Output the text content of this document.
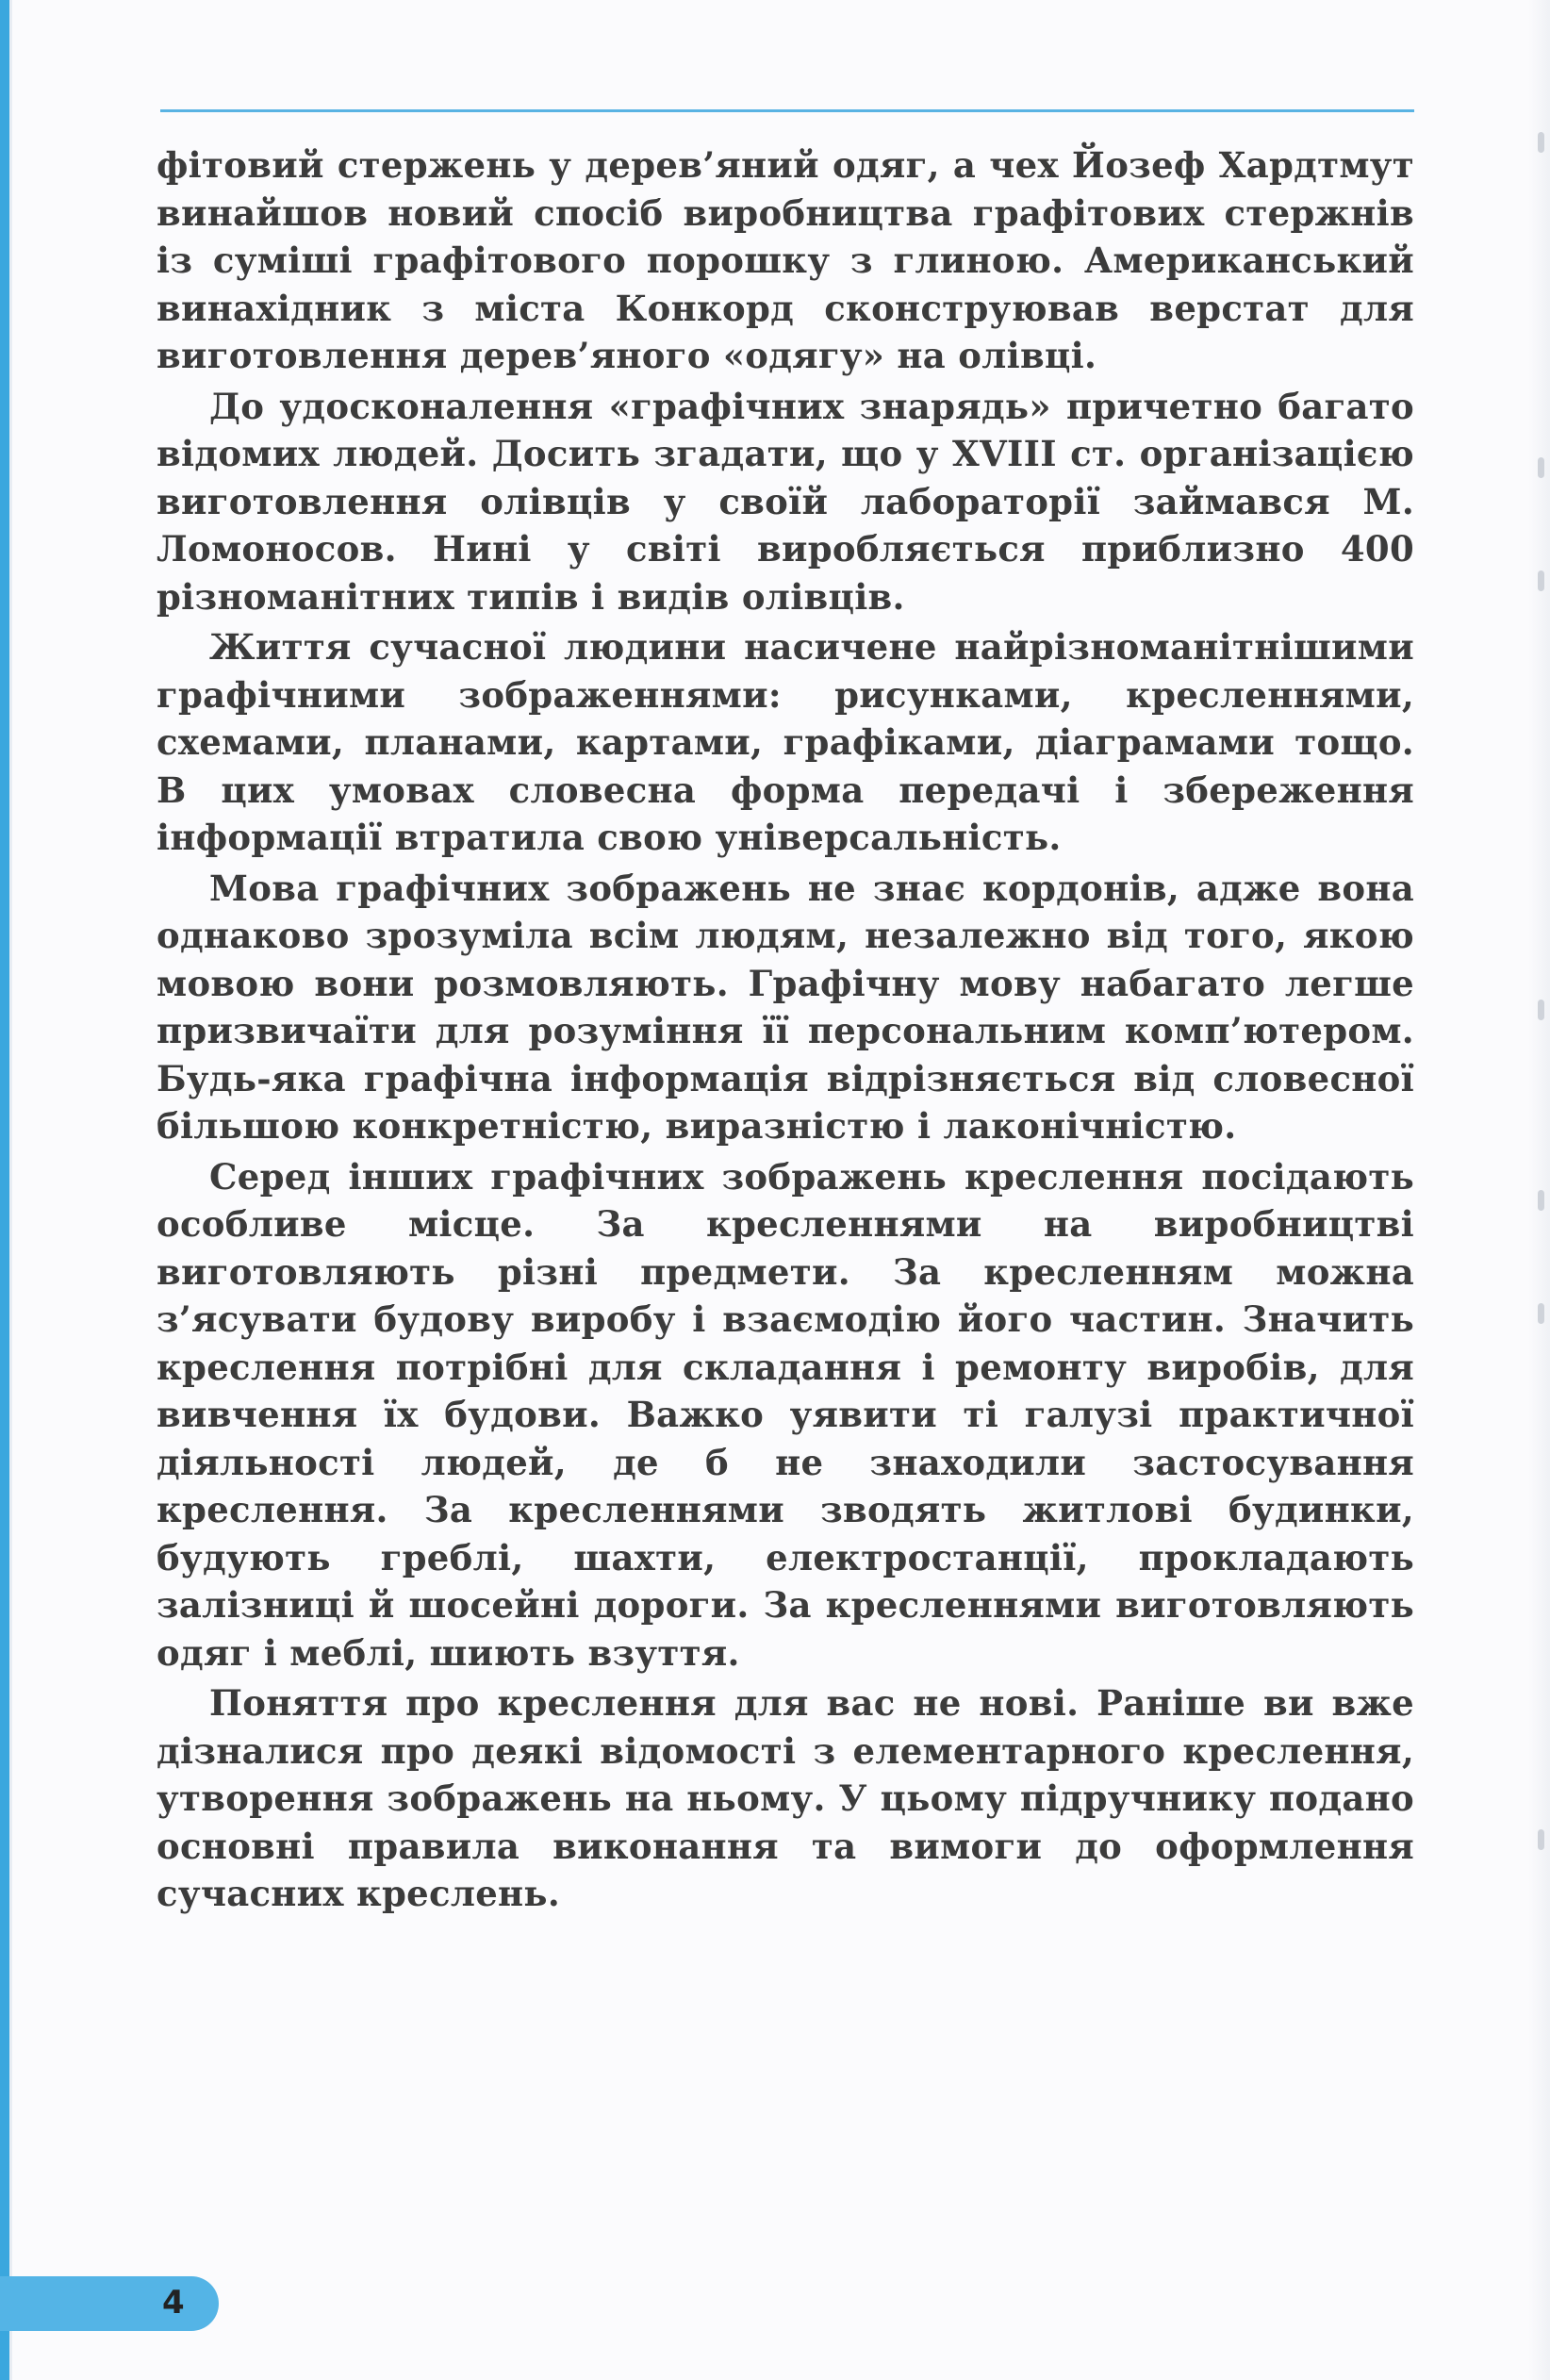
фітовий стержень у дерев’яний одяг, а чех Йозеф Хардтмут винайшов новий спосіб виробництва графітових стержнів із суміші графітового порошку з глиною. Американський винахідник з міста Конкорд сконструював верстат для виготовлення дерев’яного «одягу» на олівці.

До удосконалення «графічних знарядь» причетно багато відомих людей. Досить згадати, що у XVIII ст. організацією виготовлення олівців у своїй лабораторії займався М. Ломоносов. Нині у світі виробляється приблизно 400 різноманітних типів і видів олівців.

Життя сучасної людини насичене найрізноманітнішими графічними зображеннями: рисунками, кресленнями, схемами, планами, картами, графіками, діаграмами тощо. В цих умовах словесна форма передачі і збереження інформації втратила свою універсальність.

Мова графічних зображень не знає кордонів, адже вона однаково зрозуміла всім людям, незалежно від того, якою мовою вони розмовляють. Графічну мову набагато легше призвичаїти для розуміння її персональним комп’ютером. Будь-яка графічна інформація відрізняється від словесної більшою конкретністю, виразністю і лаконічністю.

Серед інших графічних зображень креслення посідають особливе місце. За кресленнями на виробництві виготовляють різні предмети. За кресленням можна з’ясувати будову виробу і взаємодію його частин. Значить креслення потрібні для складання і ремонту виробів, для вивчення їх будови. Важко уявити ті галузі практичної діяльності людей, де б не знаходили застосування креслення. За кресленнями зводять житлові будинки, будують греблі, шахти, електростанції, прокладають залізниці й шосейні дороги. За кресленнями виготовляють одяг і меблі, шиють взуття.

Поняття про креслення для вас не нові. Раніше ви вже дізналися про деякі відомості з елементарного креслення, утворення зображень на ньому. У цьому підручнику подано основні правила виконання та вимоги до оформлення сучасних креслень.

4
